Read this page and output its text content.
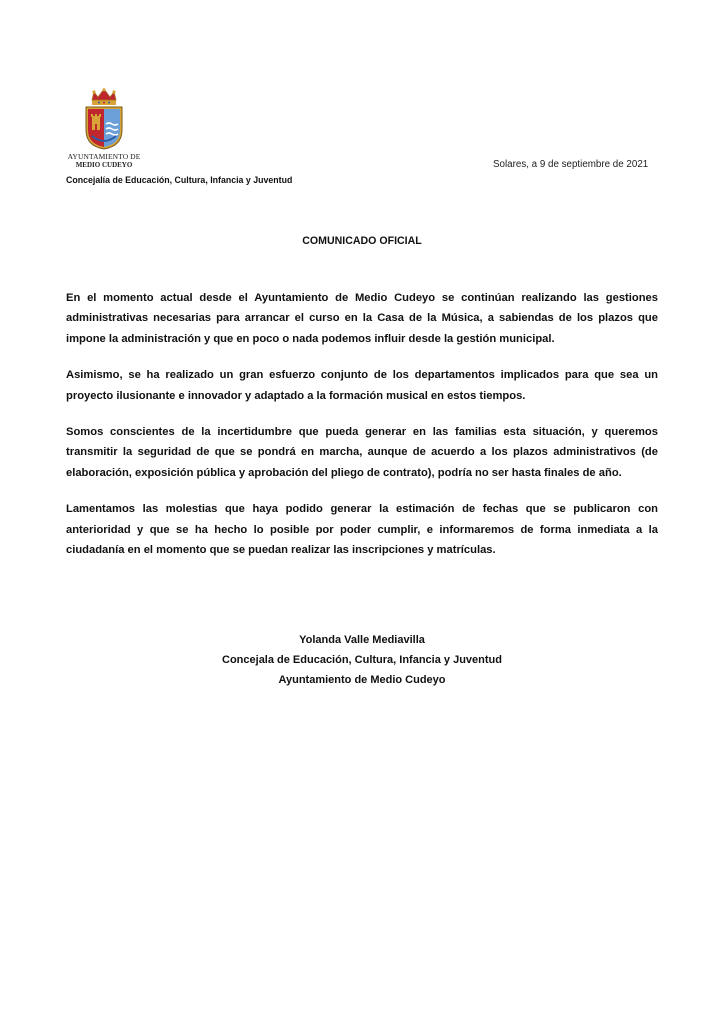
AYUNTAMIENTO DE
MEDIO CUDEYO
Concejalía de Educación, Cultura, Infancia y Juventud
Solares, a 9 de septiembre de 2021
COMUNICADO OFICIAL

En el momento actual desde el Ayuntamiento de Medio Cudeyo se continúan realizando las gestiones administrativas necesarias para arrancar el curso en la Casa de la Música, a sabiendas de los plazos que impone la administración y que en poco o nada podemos influir desde la gestión municipal.

Asimismo, se ha realizado un gran esfuerzo conjunto de los departamentos implicados para que sea un proyecto ilusionante e innovador y adaptado a la formación musical en estos tiempos.

Somos conscientes de la incertidumbre que pueda generar en las familias esta situación, y queremos transmitir la seguridad de que se pondrá en marcha, aunque de acuerdo a los plazos administrativos (de elaboración, exposición pública y aprobación del pliego de contrato), podría no ser hasta finales de año.

Lamentamos las molestias que haya podido generar la estimación de fechas que se publicaron con anterioridad y que se ha hecho lo posible por poder cumplir, e informaremos de forma inmediata a la ciudadanía en el momento que se puedan realizar las inscripciones y matrículas.

Yolanda Valle Mediavilla
Concejala de Educación, Cultura, Infancia y Juventud
Ayuntamiento de Medio Cudeyo
